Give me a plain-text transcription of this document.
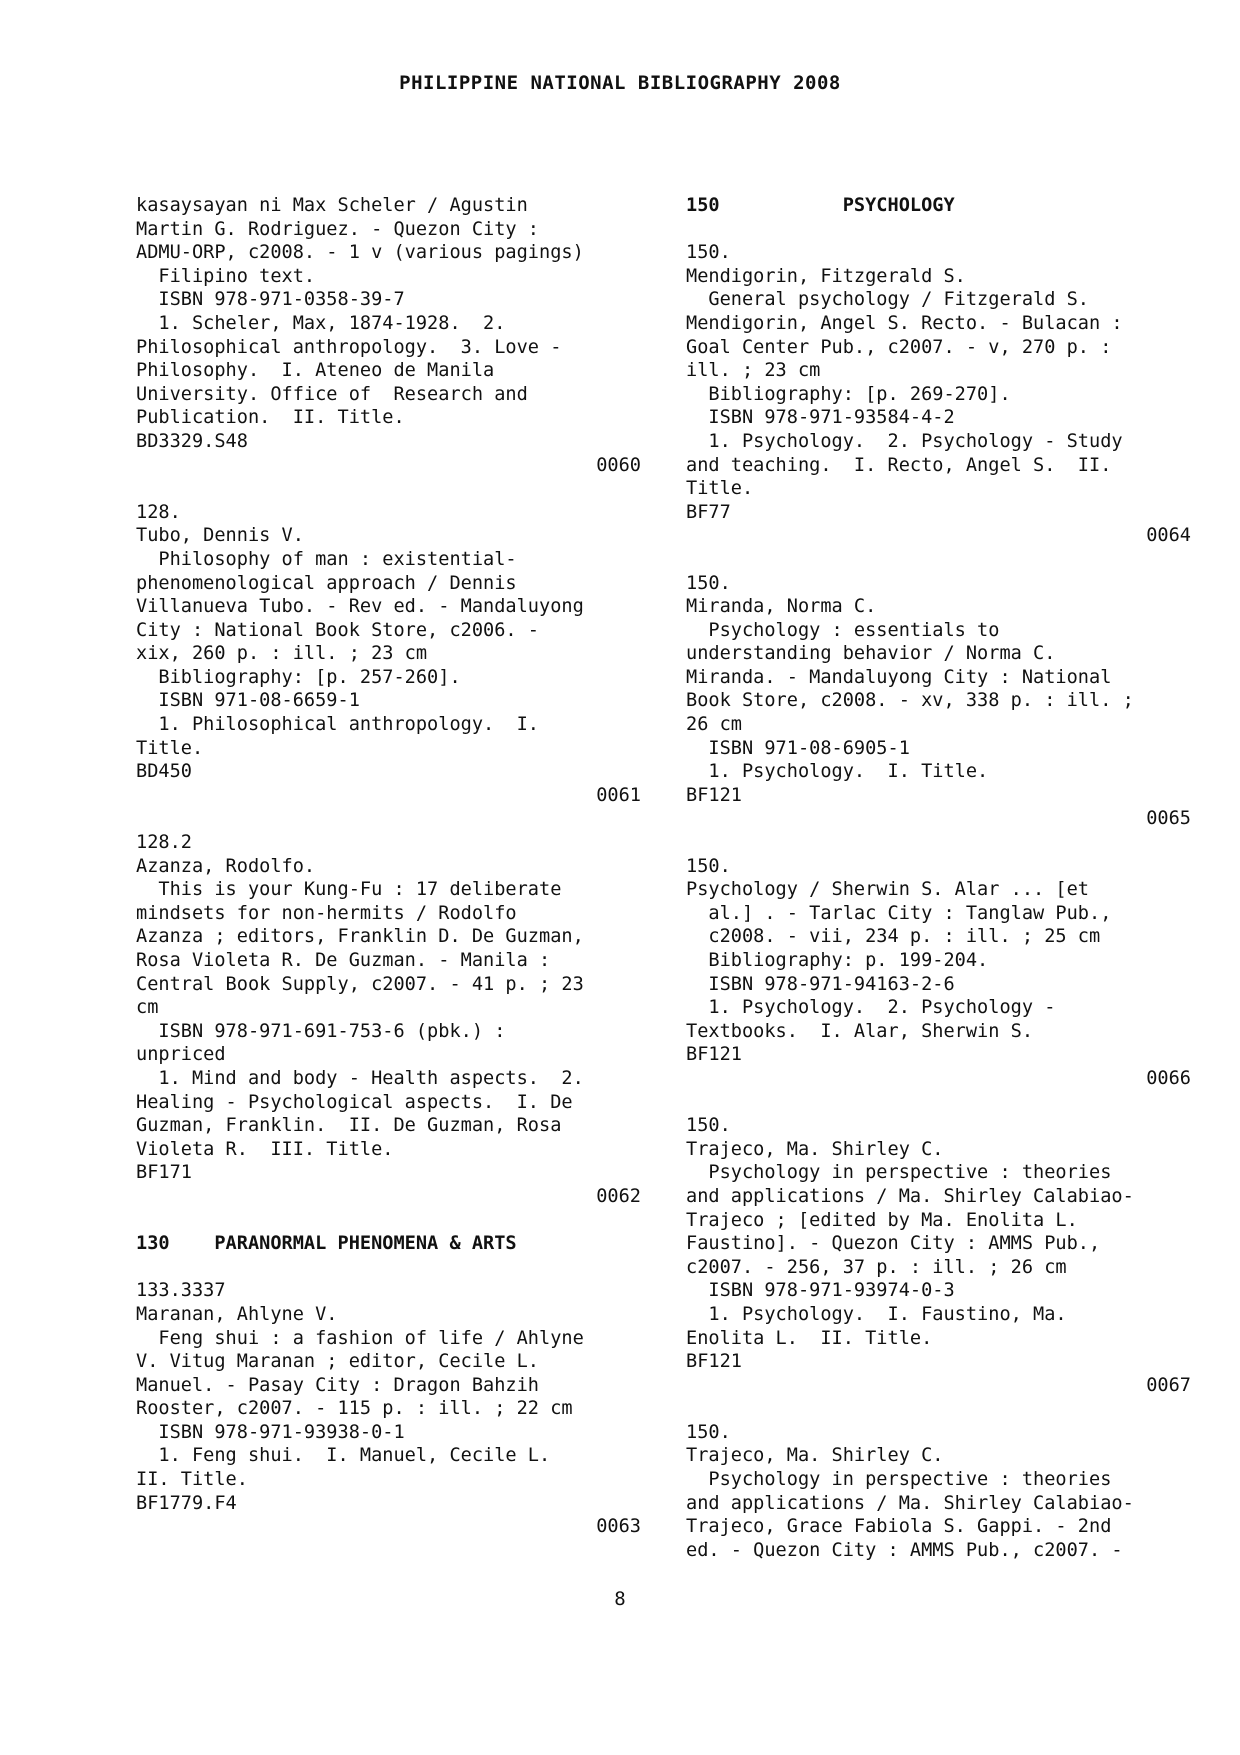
PHILIPPINE NATIONAL BIBLIOGRAPHY 2008
kasaysayan ni Max Scheler / Agustin
Martin G. Rodriguez. - Quezon City :
ADMU-ORP, c2008. - 1 v (various pagings)
Filipino text.
ISBN 978-971-0358-39-7
1. Scheler, Max, 1874-1928.  2.
Philosophical anthropology.  3. Love -
Philosophy.  I. Ateneo de Manila
University. Office of  Research and
Publication.  II. Title.
BD3329.S48
0060
128.
Tubo, Dennis V.
Philosophy of man : existential-
phenomenological approach / Dennis
Villanueva Tubo. - Rev ed. - Mandaluyong
City : National Book Store, c2006. -
xix, 260 p. : ill. ; 23 cm
Bibliography: [p. 257-260].
ISBN 971-08-6659-1
1. Philosophical anthropology.  I.
Title.
BD450
0061
128.2
Azanza, Rodolfo.
This is your Kung-Fu : 17 deliberate
mindsets for non-hermits / Rodolfo
Azanza ; editors, Franklin D. De Guzman,
Rosa Violeta R. De Guzman. - Manila :
Central Book Supply, c2007. - 41 p. ; 23
cm
ISBN 978-971-691-753-6 (pbk.) :
unpriced
1. Mind and body - Health aspects.  2.
Healing - Psychological aspects.  I. De
Guzman, Franklin.  II. De Guzman, Rosa
Violeta R.  III. Title.
BF171
0062
130    PARANORMAL PHENOMENA & ARTS
133.3337
Maranan, Ahlyne V.
Feng shui : a fashion of life / Ahlyne
V. Vitug Maranan ; editor, Cecile L.
Manuel. - Pasay City : Dragon Bahzih
Rooster, c2007. - 115 p. : ill. ; 22 cm
ISBN 978-971-93938-0-1
1. Feng shui.  I. Manuel, Cecile L.
II. Title.
BF1779.F4
0063
150           PSYCHOLOGY
150.
Mendigorin, Fitzgerald S.
General psychology / Fitzgerald S.
Mendigorin, Angel S. Recto. - Bulacan :
Goal Center Pub., c2007. - v, 270 p. :
ill. ; 23 cm
Bibliography: [p. 269-270].
ISBN 978-971-93584-4-2
1. Psychology.  2. Psychology - Study
and teaching.  I. Recto, Angel S.  II.
Title.
BF77
0064
150.
Miranda, Norma C.
Psychology : essentials to
understanding behavior / Norma C.
Miranda. - Mandaluyong City : National
Book Store, c2008. - xv, 338 p. : ill. ;
26 cm
ISBN 971-08-6905-1
1. Psychology.  I. Title.
BF121
0065
150.
Psychology / Sherwin S. Alar ... [et
al.] . - Tarlac City : Tanglaw Pub.,
c2008. - vii, 234 p. : ill. ; 25 cm
Bibliography: p. 199-204.
ISBN 978-971-94163-2-6
1. Psychology.  2. Psychology -
Textbooks.  I. Alar, Sherwin S.
BF121
0066
150.
Trajeco, Ma. Shirley C.
Psychology in perspective : theories
and applications / Ma. Shirley Calabiao-
Trajeco ; [edited by Ma. Enolita L.
Faustino]. - Quezon City : AMMS Pub.,
c2007. - 256, 37 p. : ill. ; 26 cm
ISBN 978-971-93974-0-3
1. Psychology.  I. Faustino, Ma.
Enolita L.  II. Title.
BF121
0067
150.
Trajeco, Ma. Shirley C.
Psychology in perspective : theories
and applications / Ma. Shirley Calabiao-
Trajeco, Grace Fabiola S. Gappi. - 2nd
ed. - Quezon City : AMMS Pub., c2007. -
8
